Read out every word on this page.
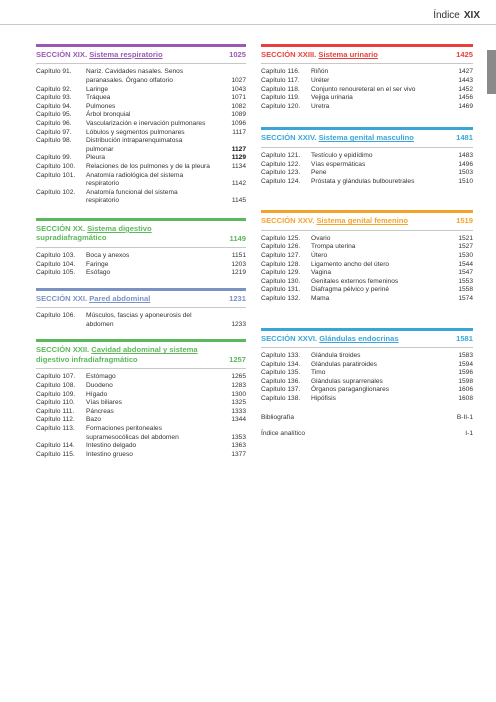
Índice XIX
SECCIÓN XIX. Sistema respiratorio	1025
Capítulo 91.	Nariz. Cavidades nasales. Senos
paranasales. Órgano olfatorio	1027
Capítulo 92.	Laringe	1043
Capítulo 93.	Tráquea	1071
Capítulo 94.	Pulmones	1082
Capítulo 95.	Árbol bronquial	1089
Capítulo 96.	Vascularización e inervación pulmonares	1096
Capítulo 97.	Lóbulos y segmentos pulmonares	1117
Capítulo 98.	Distribución intraparenquimatosa
pulmonar	1127
Capítulo 99.	Pleura	1129
Capítulo 100.	Relaciones de los pulmones y de la pleura	1134
Capítulo 101.	Anatomía radiológica del sistema
respiratorio	1142
Capítulo 102.	Anatomía funcional del sistema
respiratorio	1145
SECCIÓN XX. Sistema digestivo
supradiafragmático	1149
Capítulo 103.	Boca y anexos	1151
Capítulo 104.	Faringe	1203
Capítulo 105.	Esófago	1219
SECCIÓN XXI. Pared abdominal	1231
Capítulo 106.	Músculos, fascias y aponeurosis del
abdomen	1233
SECCIÓN XXII. Cavidad abdominal y sistema
digestivo infradiafragmático	1257
Capítulo 107.	Estómago	1265
Capítulo 108.	Duodeno	1283
Capítulo 109.	Hígado	1300
Capítulo 110.	Vías biliares	1325
Capítulo 111.	Páncreas	1333
Capítulo 112.	Bazo	1344
Capítulo 113.	Formaciones peritoneales
supramesocólicas del abdomen	1353
Capítulo 114.	Intestino delgado	1363
Capítulo 115.	Intestino grueso	1377
SECCIÓN XXIII. Sistema urinario	1425
Capítulo 116.	Riñón	1427
Capítulo 117.	Uréter	1443
Capítulo 118.	Conjunto renoureteral en el ser vivo	1452
Capítulo 119.	Vejiga urinaria	1456
Capítulo 120.	Uretra	1469
SECCIÓN XXIV. Sistema genital masculino	1481
Capítulo 121.	Testículo y epidídimo	1483
Capítulo 122.	Vías espermáticas	1496
Capítulo 123.	Pene	1503
Capítulo 124.	Próstata y glándulas bulbouretrales	1510
SECCIÓN XXV. Sistema genital femenino	1519
Capítulo 125.	Ovario	1521
Capítulo 126.	Trompa uterina	1527
Capítulo 127.	Útero	1530
Capítulo 128.	Ligamento ancho del útero	1544
Capítulo 129.	Vagina	1547
Capítulo 130.	Genitales externos femeninos	1553
Capítulo 131.	Diafragma pélvico y periné	1558
Capítulo 132.	Mama	1574
SECCIÓN XXVI. Glándulas endocrinas	1581
Capítulo 133.	Glándula tiroides	1583
Capítulo 134.	Glándulas paratiroides	1594
Capítulo 135.	Timo	1596
Capítulo 136.	Glándulas suprarrenales	1598
Capítulo 137.	Órganos paraganglionares	1606
Capítulo 138.	Hipófisis	1608
Bibliografía	B-II-1
Índice analítico	I-1
